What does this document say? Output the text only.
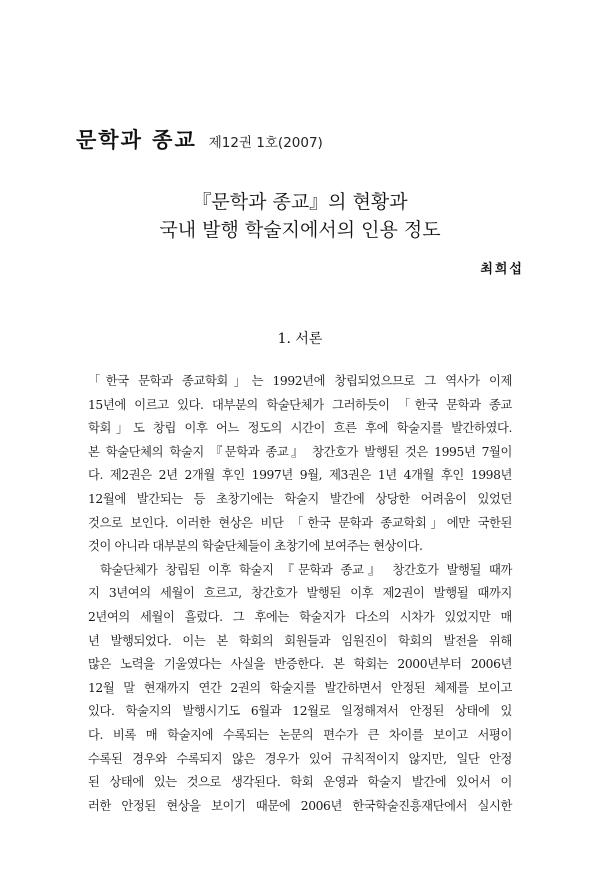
문학과 종교 제12권 1호(2007)
『문학과 종교』의 현황과
국내 발행 학술지에서의 인용 정도
최희섭
1. 서론
「한국 문학과 종교학회」는 1992년에 창립되었으므로 그 역사가 이제
15년에 이르고 있다. 대부분의 학술단체가 그러하듯이 「한국 문학과 종교
학회」도 창립 이후 어느 정도의 시간이 흐른 후에 학술지를 발간하였다.
본 학술단체의 학술지 『문학과 종교』 창간호가 발행된 것은 1995년 7월이
다. 제2권은 2년 2개월 후인 1997년 9월, 제3권은 1년 4개월 후인 1998년
12월에 발간되는 등 초창기에는 학술지 발간에 상당한 어려움이 있었던
것으로 보인다. 이러한 현상은 비단 「한국 문학과 종교학회」에만 국한된
것이 아니라 대부분의 학술단체들이 초창기에 보여주는 현상이다.
학술단체가 창립된 이후 학술지 『문학과 종교』 창간호가 발행될 때까
지 3년여의 세월이 흐르고, 창간호가 발행된 이후 제2권이 발행될 때까지
2년여의 세월이 흘렀다. 그 후에는 학술지가 다소의 시차가 있었지만 매
년 발행되었다. 이는 본 학회의 회원들과 임원진이 학회의 발전을 위해
많은 노력을 기울였다는 사실을 반증한다. 본 학회는 2000년부터 2006년
12월 말 현재까지 연간 2권의 학술지를 발간하면서 안정된 체제를 보이고
있다. 학술지의 발행시기도 6월과 12월로 일정해져서 안정된 상태에 있
다. 비록 매 학술지에 수록되는 논문의 편수가 큰 차이를 보이고 서평이
수록된 경우와 수록되지 않은 경우가 있어 규칙적이지 않지만, 일단 안정
된 상태에 있는 것으로 생각된다. 학회 운영과 학술지 발간에 있어서 이
러한 안정된 현상을 보이기 때문에 2006년 한국학술진흥재단에서 실시한
